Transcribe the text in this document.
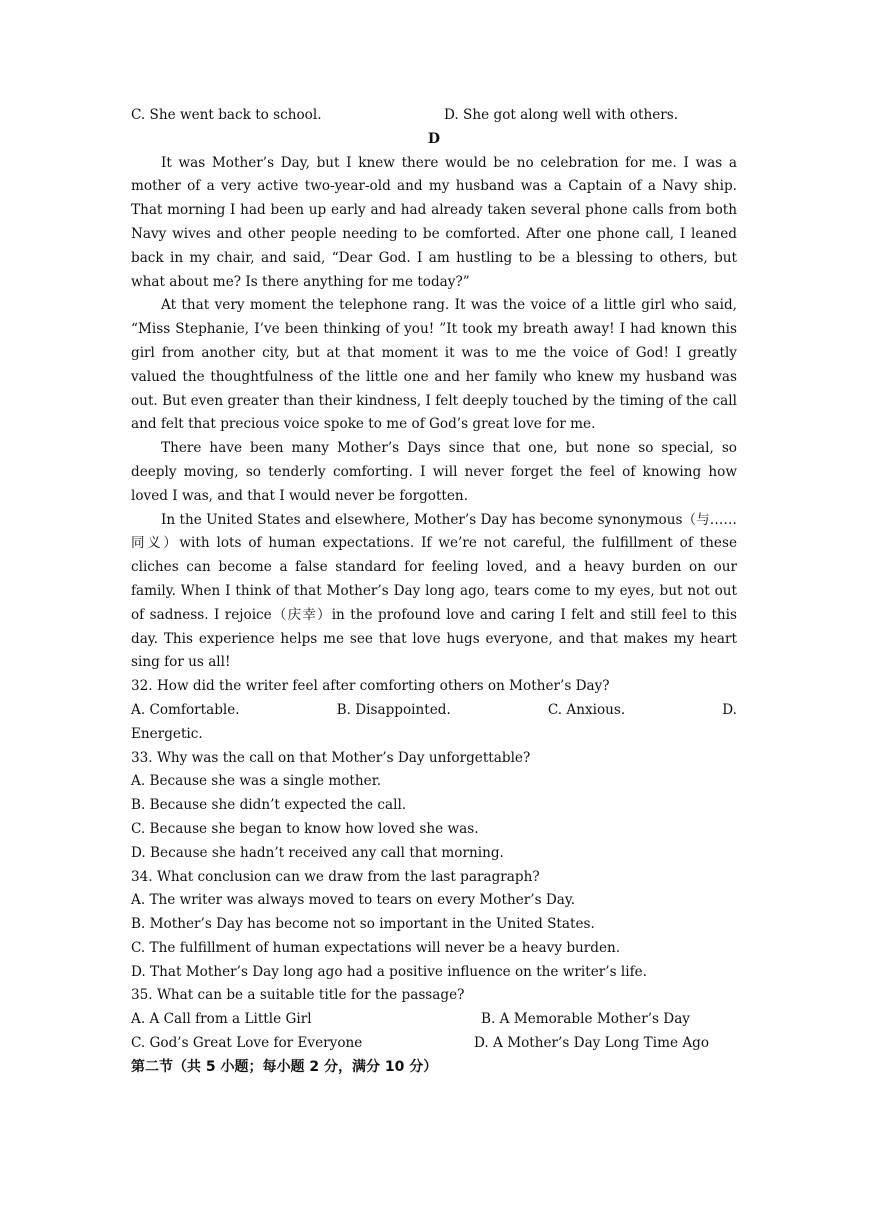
C. She went back to school.	D. She got along well with others.
D

It was Mother’s Day, but I knew there would be no celebration for me. I was a mother of a very active two-year-old and my husband was a Captain of a Navy ship. That morning I had been up early and had already taken several phone calls from both Navy wives and other people needing to be comforted. After one phone call, I leaned back in my chair, and said, “Dear God. I am hustling to be a blessing to others, but what about me? Is there anything for me today?”

At that very moment the telephone rang. It was the voice of a little girl who said, “Miss Stephanie, I’ve been thinking of you! ”It took my breath away! I had known this girl from another city, but at that moment it was to me the voice of God! I greatly valued the thoughtfulness of the little one and her family who knew my husband was out. But even greater than their kindness, I felt deeply touched by the timing of the call and felt that precious voice spoke to me of God’s great love for me.

There have been many Mother’s Days since that one, but none so special, so deeply moving, so tenderly comforting. I will never forget the feel of knowing how loved I was, and that I would never be forgotten.

In the United States and elsewhere, Mother’s Day has become synonymous（与……同义）with lots of human expectations. If we’re not careful, the fulfillment of these cliches can become a false standard for feeling loved, and a heavy burden on our family. When I think of that Mother’s Day long ago, tears come to my eyes, but not out of sadness. I rejoice（庆幸）in the profound love and caring I felt and still feel to this day. This experience helps me see that love hugs everyone, and that makes my heart sing for us all!

32. How did the writer feel after comforting others on Mother’s Day?

A. Comfortable.	B. Disappointed.	C. Anxious.	D.

Energetic.

33. Why was the call on that Mother’s Day unforgettable?

A. Because she was a single mother.

B. Because she didn’t expected the call.

C. Because she began to know how loved she was.

D. Because she hadn’t received any call that morning.

34. What conclusion can we draw from the last paragraph?

A. The writer was always moved to tears on every Mother’s Day.

B. Mother’s Day has become not so important in the United States.

C. The fulfillment of human expectations will never be a heavy burden.

D. That Mother’s Day long ago had a positive influence on the writer’s life.

35. What can be a suitable title for the passage?

A. A Call from a Little Girl	B. A Memorable Mother’s Day
C. God’s Great Love for Everyone	D. A Mother’s Day Long Time Ago
第二节（共 5 小题；每小题 2 分，满分 10 分）
